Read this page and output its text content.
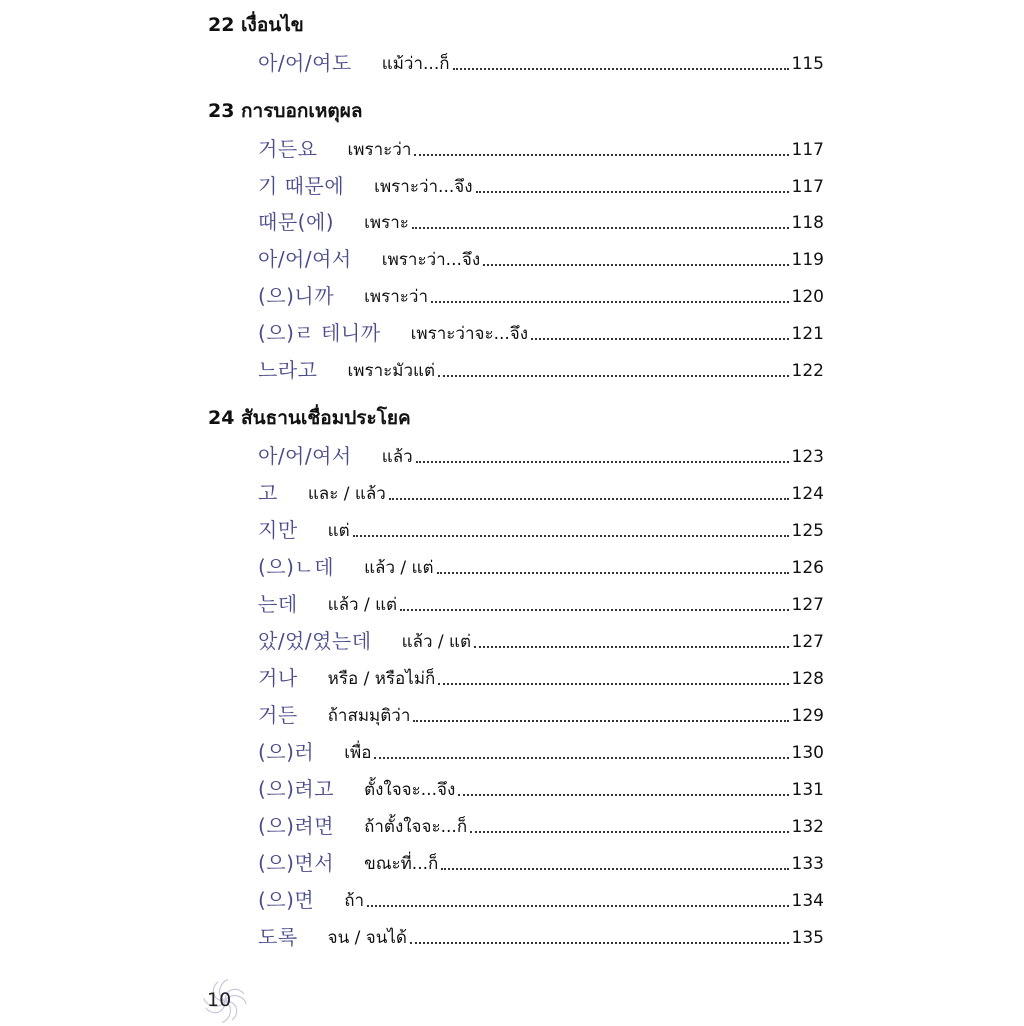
22 เงื่อนไข
아/어/여도 แม้ว่า...ก็	115
23 การบอกเหตุผล
거든요 เพราะว่า	117
기 때문에 เพราะว่า...จึง	117
때문(에) เพราะ	118
아/어/여서 เพราะว่า...จึง	119
(으)니까 เพราะว่า	120
(으)ㄹ 테니까 เพราะว่าจะ...จึง	121
느라고 เพราะมัวแต่	122
24 สันธานเชื่อมประโยค
아/어/여서 แล้ว	123
고 และ / แล้ว	124
지만 แต่	125
(으)ㄴ데 แล้ว / แต่	126
는데 แล้ว / แต่	127
았/었/였는데 แล้ว / แต่	127
거나 หรือ / หรือไม่ก็	128
거든 ถ้าสมมุติว่า	129
(으)러 เพื่อ	130
(으)려고 ตั้งใจจะ...จึง	131
(으)려면 ถ้าตั้งใจจะ...ก็	132
(으)면서 ขณะที่...ก็	133
(으)면 ถ้า	134
도록 จน / จนได้	135
10
